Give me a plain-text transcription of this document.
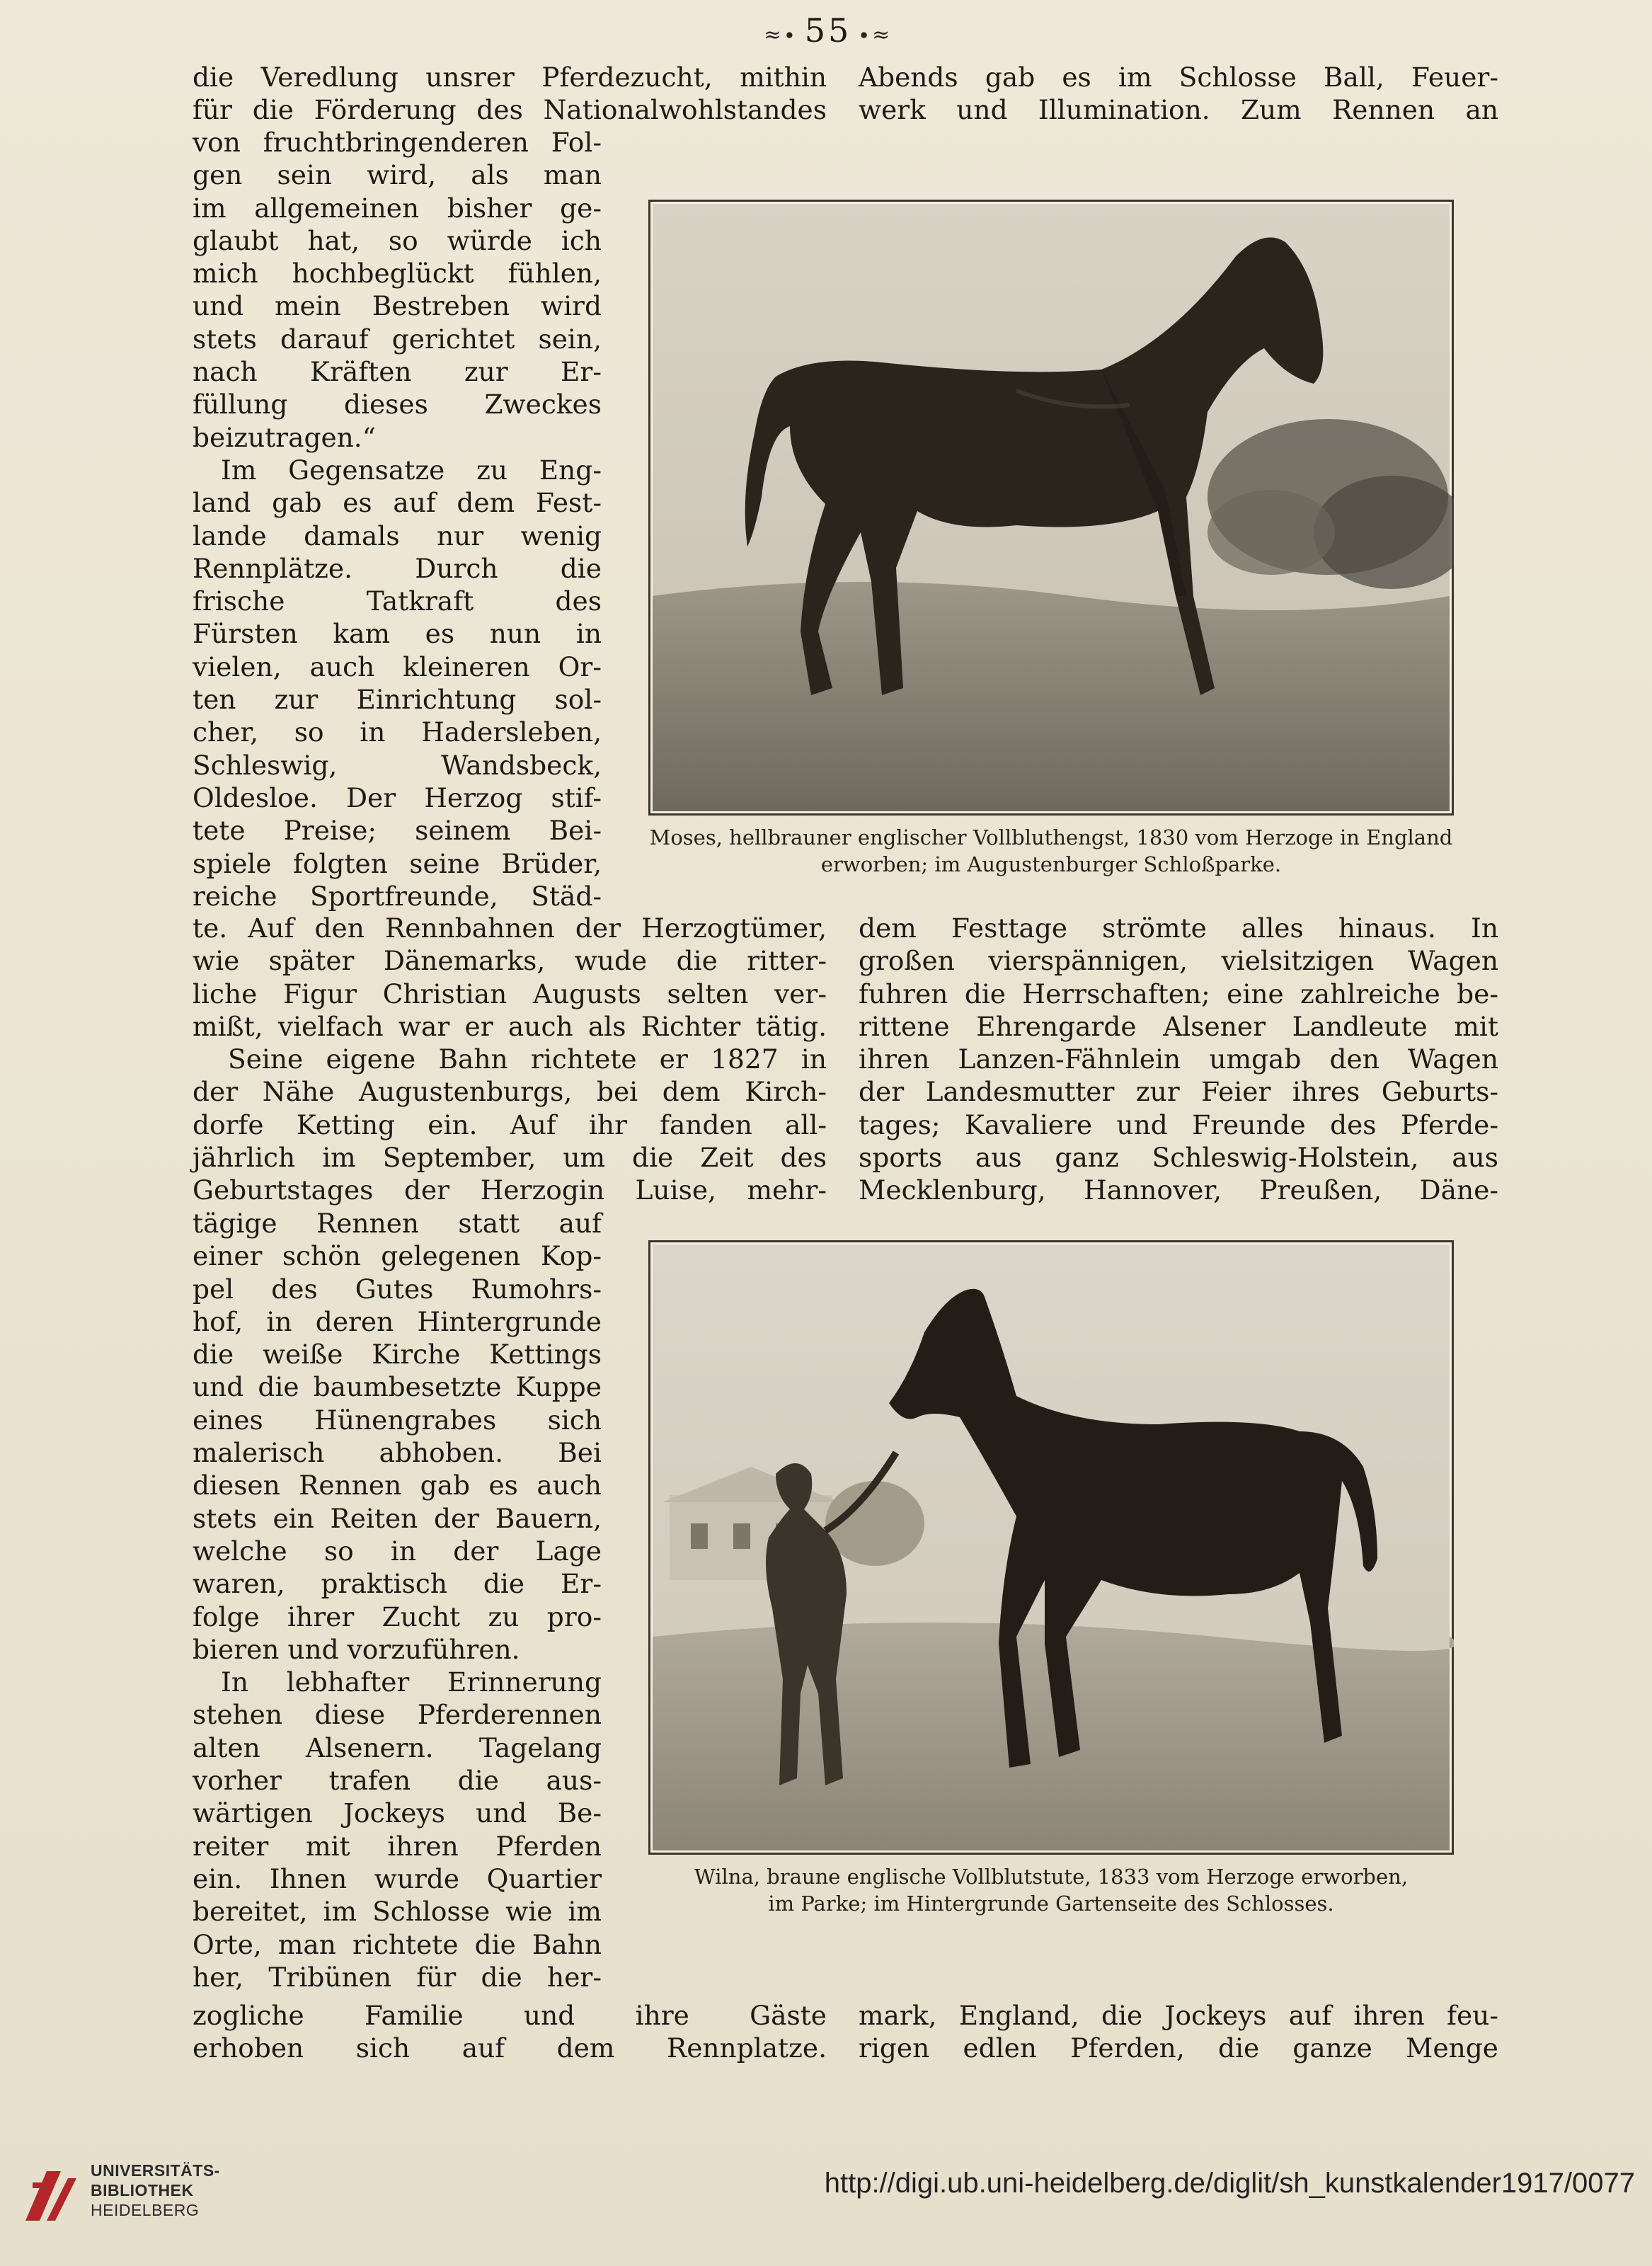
≈∙ 55 ∙≈
die Veredlung unsrer Pferdezucht, mithin
für die Förderung des Nationalwohlstandes
Abends gab es im Schlosse Ball, Feuer-
werk und Illumination. Zum Rennen an
von fruchtbringenderen Fol-
gen sein wird, als man
im allgemeinen bisher ge-
glaubt hat, so würde ich
mich hochbeglückt fühlen,
und mein Bestreben wird
stets darauf gerichtet sein,
nach Kräften zur Er-
füllung dieses Zweckes
beizutragen.“
Im Gegensatze zu Eng-
land gab es auf dem Fest-
lande damals nur wenig
Rennplätze. Durch die
frische Tatkraft des
Fürsten kam es nun in
vielen, auch kleineren Or-
ten zur Einrichtung sol-
cher, so in Hadersleben,
Schleswig, Wandsbeck,
Oldesloe. Der Herzog stif-
tete Preise; seinem Bei-
spiele folgten seine Brüder,
reiche Sportfreunde, Städ-
Moses, hellbrauner englischer Vollbluthengst, 1830 vom Herzoge in England
erworben; im Augustenburger Schloßparke.
te. Auf den Rennbahnen der Herzogtümer,
wie später Dänemarks, wude die ritter-
liche Figur Christian Augusts selten ver-
mißt, vielfach war er auch als Richter tätig.
Seine eigene Bahn richtete er 1827 in
der Nähe Augustenburgs, bei dem Kirch-
dorfe Ketting ein. Auf ihr fanden all-
jährlich im September, um die Zeit des
Geburtstages der Herzogin Luise, mehr-
dem Festtage strömte alles hinaus. In
großen vierspännigen, vielsitzigen Wagen
fuhren die Herrschaften; eine zahlreiche be-
rittene Ehrengarde Alsener Landleute mit
ihren Lanzen-Fähnlein umgab den Wagen
der Landesmutter zur Feier ihres Geburts-
tages; Kavaliere und Freunde des Pferde-
sports aus ganz Schleswig-Holstein, aus
Mecklenburg, Hannover, Preußen, Däne-
tägige Rennen statt auf
einer schön gelegenen Kop-
pel des Gutes Rumohrs-
hof, in deren Hintergrunde
die weiße Kirche Kettings
und die baumbesetzte Kuppe
eines Hünengrabes sich
malerisch abhoben. Bei
diesen Rennen gab es auch
stets ein Reiten der Bauern,
welche so in der Lage
waren, praktisch die Er-
folge ihrer Zucht zu pro-
bieren und vorzuführen.
In lebhafter Erinnerung
stehen diese Pferderennen
alten Alsenern. Tagelang
vorher trafen die aus-
wärtigen Jockeys und Be-
reiter mit ihren Pferden
ein. Ihnen wurde Quartier
bereitet, im Schlosse wie im
Orte, man richtete die Bahn
her, Tribünen für die her-
Wilna, braune englische Vollblutstute, 1833 vom Herzoge erworben,
im Parke; im Hintergrunde Gartenseite des Schlosses.
zogliche Familie und ihre Gäste
erhoben sich auf dem Rennplatze.
mark, England, die Jockeys auf ihren feu-
rigen edlen Pferden, die ganze Menge
UNIVERSITÄTS-
BIBLIOTHEK
HEIDELBERG
http://digi.ub.uni-heidelberg.de/diglit/sh_kunstkalender1917/0077
